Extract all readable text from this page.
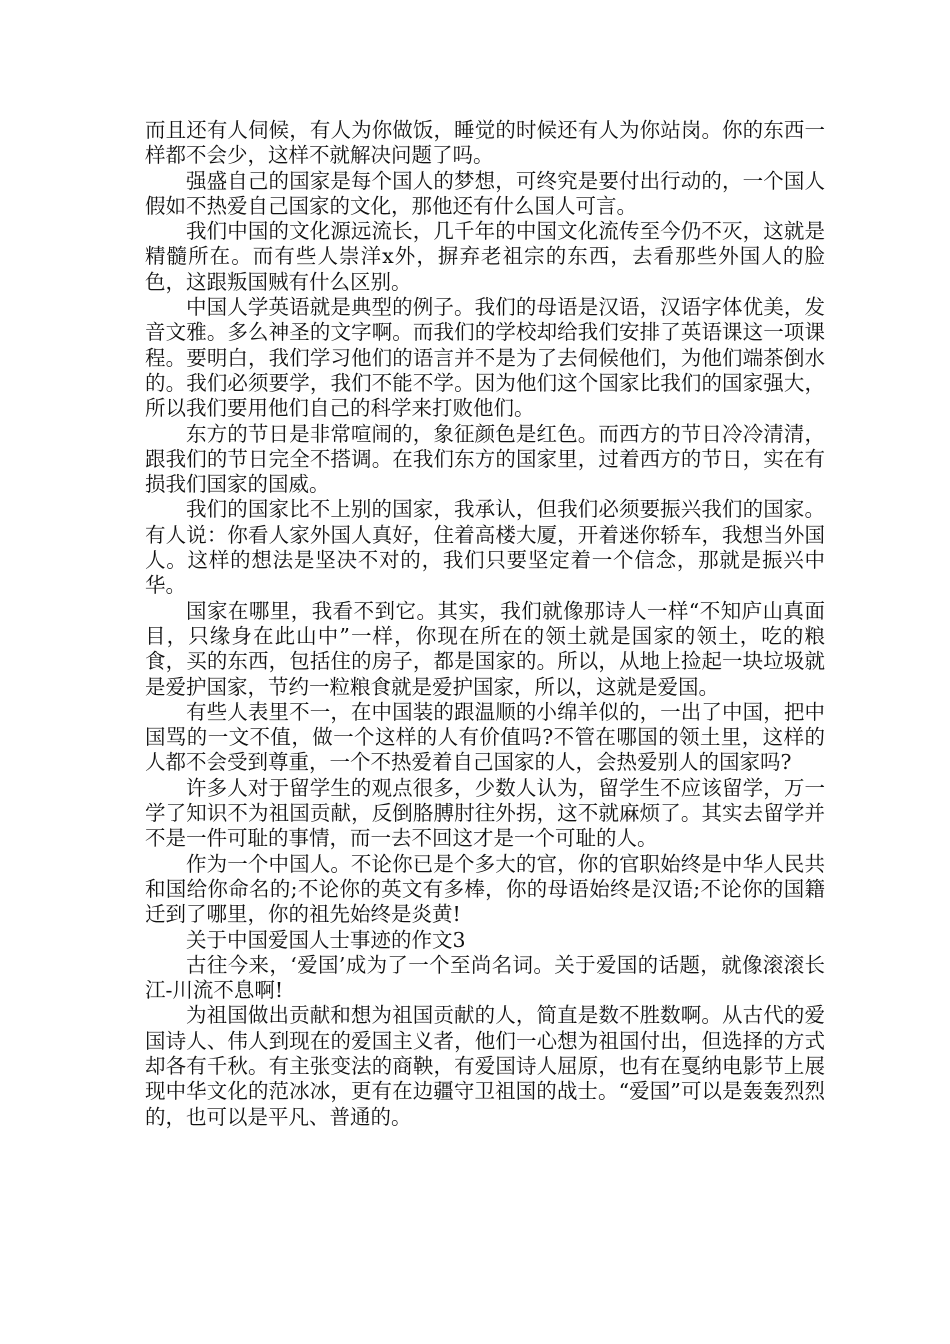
而且还有人伺候，有人为你做饭，睡觉的时候还有人为你站岗。你的东西一样都不会少，这样不就解决问题了吗。

强盛自己的国家是每个国人的梦想，可终究是要付出行动的，一个国人假如不热爱自己国家的文化，那他还有什么国人可言。

我们中国的文化源远流长，几千年的中国文化流传至今仍不灭，这就是精髓所在。而有些人崇洋x外，摒弃老祖宗的东西，去看那些外国人的脸色，这跟叛国贼有什么区别。

中国人学英语就是典型的例子。我们的母语是汉语，汉语字体优美，发音文雅。多么神圣的文字啊。而我们的学校却给我们安排了英语课这一项课程。要明白，我们学习他们的语言并不是为了去伺候他们，为他们端茶倒水的。我们必须要学，我们不能不学。因为他们这个国家比我们的国家强大，所以我们要用他们自己的科学来打败他们。

东方的节日是非常喧闹的，象征颜色是红色。而西方的节日冷冷清清，跟我们的节日完全不搭调。在我们东方的国家里，过着西方的节日，实在有损我们国家的国威。

我们的国家比不上别的国家，我承认，但我们必须要振兴我们的国家。有人说：你看人家外国人真好，住着高楼大厦，开着迷你轿车，我想当外国人。这样的想法是坚决不对的，我们只要坚定着一个信念，那就是振兴中华。

国家在哪里，我看不到它。其实，我们就像那诗人一样“不知庐山真面目，只缘身在此山中”一样，你现在所在的领土就是国家的领土，吃的粮食，买的东西，包括住的房子，都是国家的。所以，从地上捡起一块垃圾就是爱护国家，节约一粒粮食就是爱护国家，所以，这就是爱国。

有些人表里不一，在中国装的跟温顺的小绵羊似的，一出了中国，把中国骂的一文不值，做一个这样的人有价值吗?不管在哪国的领土里，这样的人都不会受到尊重，一个不热爱着自己国家的人，会热爱别人的国家吗?

许多人对于留学生的观点很多，少数人认为，留学生不应该留学，万一学了知识不为祖国贡献，反倒胳膊肘往外拐，这不就麻烦了。其实去留学并不是一件可耻的事情，而一去不回这才是一个可耻的人。

作为一个中国人。不论你已是个多大的官，你的官职始终是中华人民共和国给你命名的;不论你的英文有多棒，你的母语始终是汉语;不论你的国籍迁到了哪里，你的祖先始终是炎黄!

关于中国爱国人士事迹的作文3

古往今来，‘爱国’成为了一个至尚名词。关于爱国的话题，就像滚滚长江-川流不息啊!

为祖国做出贡献和想为祖国贡献的人，简直是数不胜数啊。从古代的爱国诗人、伟人到现在的爱国主义者，他们一心想为祖国付出，但选择的方式却各有千秋。有主张变法的商鞅，有爱国诗人屈原，也有在戛纳电影节上展现中华文化的范冰冰，更有在边疆守卫祖国的战士。“爱国”可以是轰轰烈烈的，也可以是平凡、普通的。
